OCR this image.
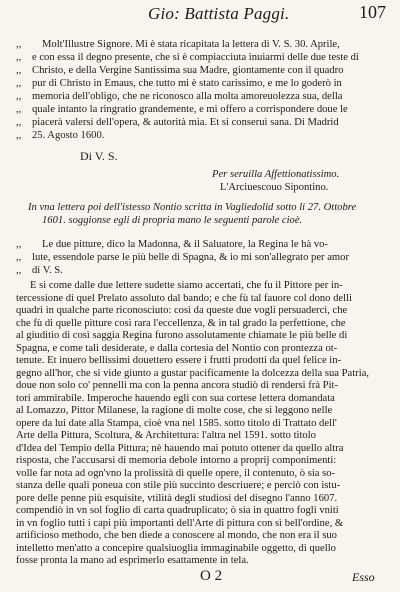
Gio: Battista Paggi.	107
,,	Molt'Illustre Signore. Mi è stata ricapitata la lettera di V. S. 30. Aprile,
,,	e con essa il degno presente, che si è compiacciuta inuiarmi delle due teste di
,,	Christo, e della Vergine Santissima sua Madre, giontamente con il quadro
,,	pur di Christo in Emaus, che tutto mi è stato carissimo, e me lo goderò in
,,	memoria dell'obligo, che ne riconosco alla molta amoreuolezza sua, della
,,	quale intanto la ringratio grandemente, e mi offero a corrispondere doue le
,,	piacerà valersi dell'opera, & autorità mia. Et si conserui sana. Di Madrid
,,	25. Agosto 1600.
Di V. S.
Per seruilla Affettionatissimo.
L'Arciuescouo Sipontino.
In vna lettera poi dell'istesso Nontio scritta in Vagliedolid sotto li 27. Ottobre
1601. soggionse egli di propria mano le seguenti parole cioè.
,,	Le due pitture, dico la Madonna, & il Saluatore, la Regina le hà vo-
,,	lute, essendole parse le più belle di Spagna, & io mi son'allegrato per amor
,,	di V. S.
E si come dalle due lettere sudette siamo accertati, che fu il Pittore per in-
tercessione di quel Prelato assoluto dal bando; e che fù tal fauore col dono delli
quadri in qualche parte riconosciuto: così da queste due vogli persuaderci, che
che fù di quelle pitture così rara l'eccellenza, & in tal grado la perfettione, che
al giuditio di così saggia Regina furono assolutamente chiamate le più belle di
Spagna, e come tali desiderate, e dalla cortesia del Nontio con prontezza ot-
tenute. Et inuero bellissimi douettero essere i frutti prodotti da quel felice in-
gegno all'hor, che si vide giunto a gustar pacificamente la dolcezza della sua Patria,
doue non solo co' pennelli ma con la penna ancora studiò di rendersi frà Pit-
tori ammirabile. Imperoche hauendo egli con sua cortese lettera domandata
al Lomazzo, Pittor Milanese, la ragione di molte cose, che si leggono nelle
opere da lui date alla Stampa, cioè vna nel 1585. sotto titolo di Trattato dell'
Arte della Pittura, Scoltura, & Architettura: l'altra nel 1591. sotto titolo
d'Idea del Tempio della Pittura; nè hauendo mai potuto ottener da quello altra
risposta, che l'accusarsi di memoria debole intorno a proprij componimenti:
volle far nota ad ogn'vno la prolissità di quelle opere, il contenuto, ò sia so-
stanza delle quali poneua con stile più succinto descriuere; e perciò con istu-
pore delle penne più esquisite, vtilità degli studiosi del disegno l'anno 1607.
compendiò in vn sol foglio di carta quadruplicato; ò sia in quattro fogli vniti
in vn foglio tutti i capi più importanti dell'Arte di pittura con sì bell'ordine, &
artificioso methodo, che ben diede a conoscere al mondo, che non era il suo
intelletto men'atto a concepire qualsiuoglia immaginabile oggetto, di quello
fosse pronta la mano ad esprimerlo esattamente in tela.
O 2	Esso
